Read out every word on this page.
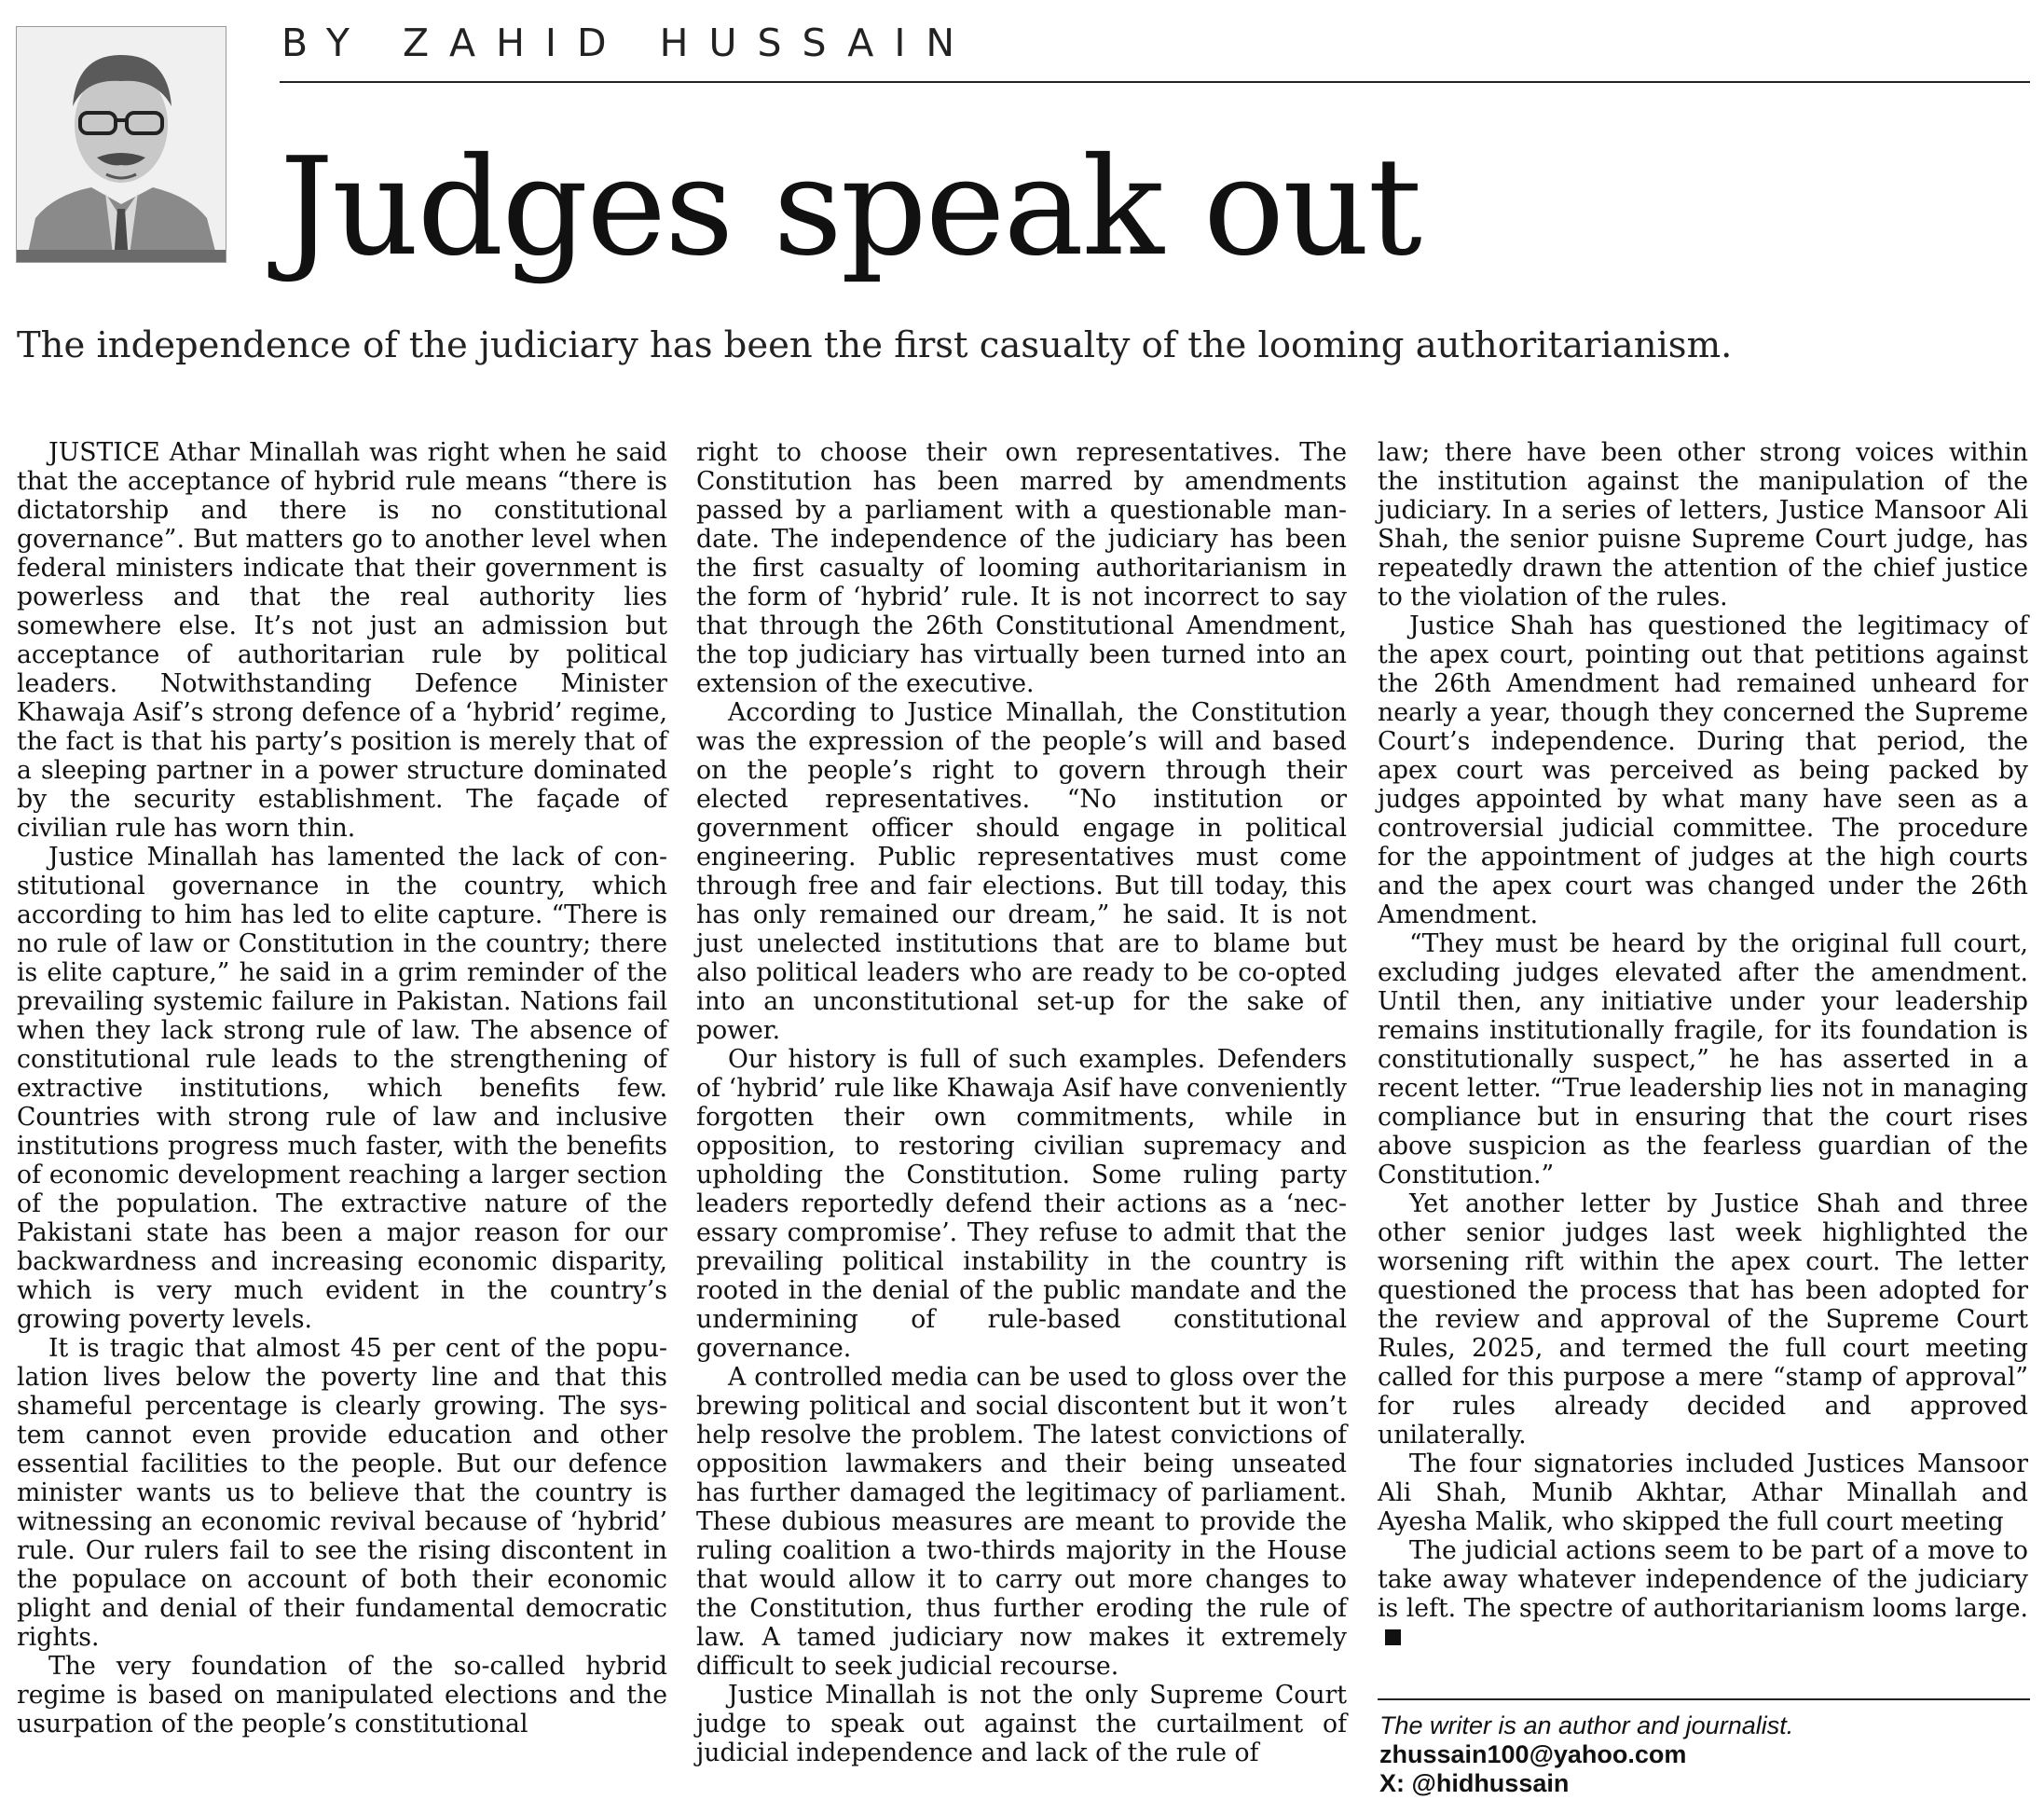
BY ZAHID HUSSAIN
Judges speak out
The independence of the judiciary has been the first casualty of the looming authoritarianism.

JUSTICE Athar Minallah was right when he said that the acceptance of hybrid rule means “there is dictatorship and there is no constitutional governance”. But matters go to another level when federal ministers indicate that their government is powerless and that the real authority lies somewhere else. It’s not just an admission but acceptance of authoritarian rule by political leaders. Notwithstanding Defence Minister Khawaja Asif’s strong defence of a ‘hybrid’ regime, the fact is that his party’s position is merely that of a sleeping partner in a power structure dominated by the security establishment. The façade of civilian rule has worn thin.

Justice Minallah has lamented the lack of constitutional governance in the country, which according to him has led to elite capture. “There is no rule of law or Constitution in the country; there is elite capture,” he said in a grim reminder of the prevailing systemic failure in Pakistan. Nations fail when they lack strong rule of law. The absence of constitutional rule leads to the strengthening of extractive institutions, which benefits few. Countries with strong rule of law and inclusive institutions progress much faster, with the benefits of economic development reaching a larger section of the population. The extractive nature of the Pakistani state has been a major reason for our backwardness and increasing economic disparity, which is very much evident in the country’s growing poverty levels.

It is tragic that almost 45 per cent of the population lives below the poverty line and that this shameful percentage is clearly growing. The system cannot even provide education and other essential facilities to the people. But our defence minister wants us to believe that the country is witnessing an economic revival because of ‘hybrid’ rule. Our rulers fail to see the rising discontent in the populace on account of both their economic plight and denial of their fundamental democratic rights.

The very foundation of the so-called hybrid regime is based on manipulated elections and the usurpation of the people’s constitutional

right to choose their own representatives. The Constitution has been marred by amendments passed by a parliament with a questionable mandate. The independence of the judiciary has been the first casualty of looming authoritarianism in the form of ‘hybrid’ rule. It is not incorrect to say that through the 26th Constitutional Amendment, the top judiciary has virtually been turned into an extension of the executive.

According to Justice Minallah, the Constitution was the expression of the people’s will and based on the people’s right to govern through their elected representatives. “No institution or government officer should engage in political engineering. Public representatives must come through free and fair elections. But till today, this has only remained our dream,” he said. It is not just unelected institutions that are to blame but also political leaders who are ready to be co-opted into an unconstitutional set-up for the sake of power.

Our history is full of such examples. Defenders of ‘hybrid’ rule like Khawaja Asif have conveniently forgotten their own commitments, while in opposition, to restoring civilian supremacy and upholding the Constitution. Some ruling party leaders reportedly defend their actions as a ‘necessary compromise’. They refuse to admit that the prevailing political instability in the country is rooted in the denial of the public mandate and the undermining of rule-based constitutional governance.

A controlled media can be used to gloss over the brewing political and social discontent but it won’t help resolve the problem. The latest convictions of opposition lawmakers and their being unseated has further damaged the legitimacy of parliament. These dubious measures are meant to provide the ruling coalition a two-thirds majority in the House that would allow it to carry out more changes to the Constitution, thus further eroding the rule of law. A tamed judiciary now makes it extremely difficult to seek judicial recourse.

Justice Minallah is not the only Supreme Court judge to speak out against the curtailment of judicial independence and lack of the rule of

law; there have been other strong voices within the institution against the manipulation of the judiciary. In a series of letters, Justice Mansoor Ali Shah, the senior puisne Supreme Court judge, has repeatedly drawn the attention of the chief justice to the violation of the rules.

Justice Shah has questioned the legitimacy of the apex court, pointing out that petitions against the 26th Amendment had remained unheard for nearly a year, though they concerned the Supreme Court’s independence. During that period, the apex court was perceived as being packed by judges appointed by what many have seen as a controversial judicial committee. The procedure for the appointment of judges at the high courts and the apex court was changed under the 26th Amendment.

“They must be heard by the original full court, excluding judges elevated after the amendment. Until then, any initiative under your leadership remains institutionally fragile, for its foundation is constitutionally suspect,” he has asserted in a recent letter. “True leadership lies not in managing compliance but in ensuring that the court rises above suspicion as the fearless guardian of the Constitution.”

Yet another letter by Justice Shah and three other senior judges last week highlighted the worsening rift within the apex court. The letter questioned the process that has been adopted for the review and approval of the Supreme Court Rules, 2025, and termed the full court meeting called for this purpose a mere “stamp of approval” for rules already decided and approved unilaterally.

The four signatories included Justices Mansoor Ali Shah, Munib Akhtar, Athar Minallah and Ayesha Malik, who skipped the full court meeting

The judicial actions seem to be part of a move to take away whatever independence of the judiciary is left. The spectre of authoritarianism looms large.

The writer is an author and journalist.
zhussain100@yahoo.com
X: @hidhussain
